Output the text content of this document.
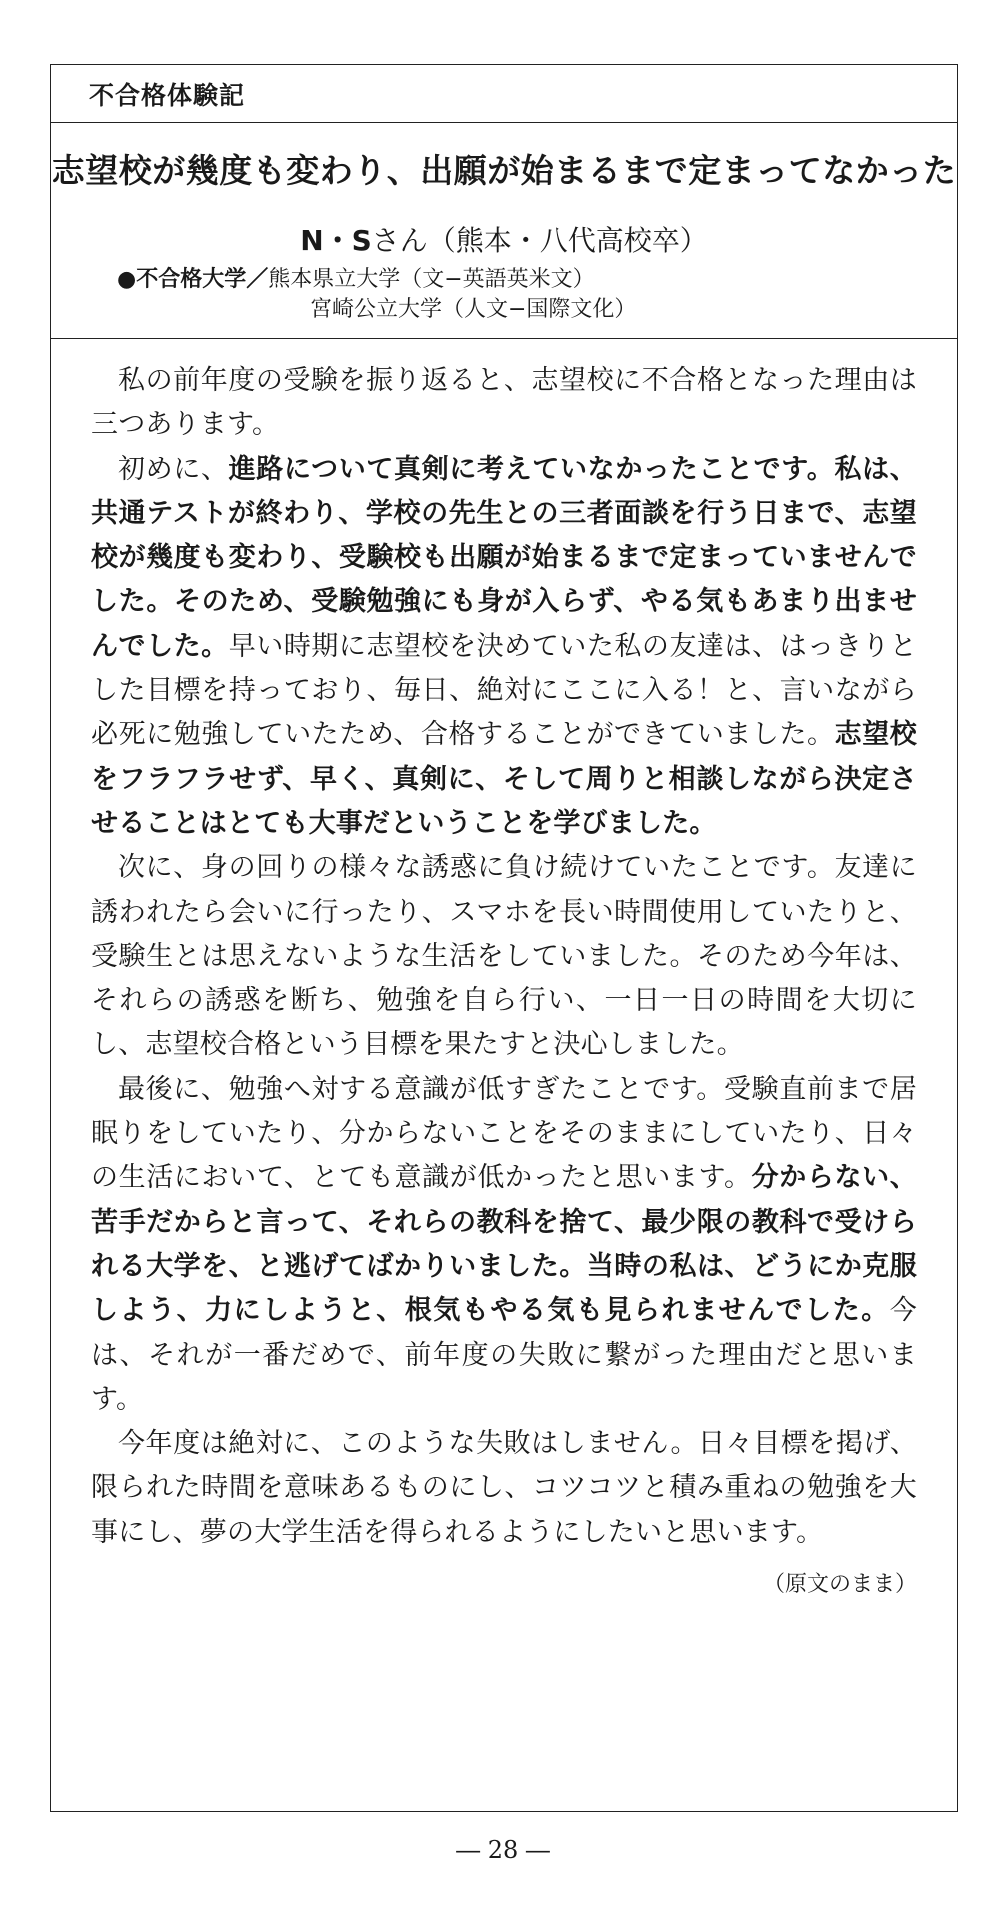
不合格体験記
志望校が幾度も変わり、出願が始まるまで定まってなかった
N・Sさん（熊本・八代高校卒）
●不合格大学／熊本県立大学（文−英語英米文）
宮崎公立大学（人文−国際文化）

私の前年度の受験を振り返ると、志望校に不合格となった理由は三つあります。

初めに、進路について真剣に考えていなかったことです。私は、共通テストが終わり、学校の先生との三者面談を行う日まで、志望校が幾度も変わり、受験校も出願が始まるまで定まっていませんでした。そのため、受験勉強にも身が入らず、やる気もあまり出ませんでした。早い時期に志望校を決めていた私の友達は、はっきりとした目標を持っており、毎日、絶対にここに入る！と、言いながら必死に勉強していたため、合格することができていました。志望校をフラフラせず、早く、真剣に、そして周りと相談しながら決定させることはとても大事だということを学びました。

次に、身の回りの様々な誘惑に負け続けていたことです。友達に誘われたら会いに行ったり、スマホを長い時間使用していたりと、受験生とは思えないような生活をしていました。そのため今年は、それらの誘惑を断ち、勉強を自ら行い、一日一日の時間を大切にし、志望校合格という目標を果たすと決心しました。

最後に、勉強へ対する意識が低すぎたことです。受験直前まで居眠りをしていたり、分からないことをそのままにしていたり、日々の生活において、とても意識が低かったと思います。分からない、苦手だからと言って、それらの教科を捨て、最少限の教科で受けられる大学を、と逃げてばかりいました。当時の私は、どうにか克服しよう、力にしようと、根気もやる気も見られませんでした。今は、それが一番だめで、前年度の失敗に繋がった理由だと思います。

今年度は絶対に、このような失敗はしません。日々目標を掲げ、限られた時間を意味あるものにし、コツコツと積み重ねの勉強を大事にし、夢の大学生活を得られるようにしたいと思います。

（原文のまま）
― 28 ―
